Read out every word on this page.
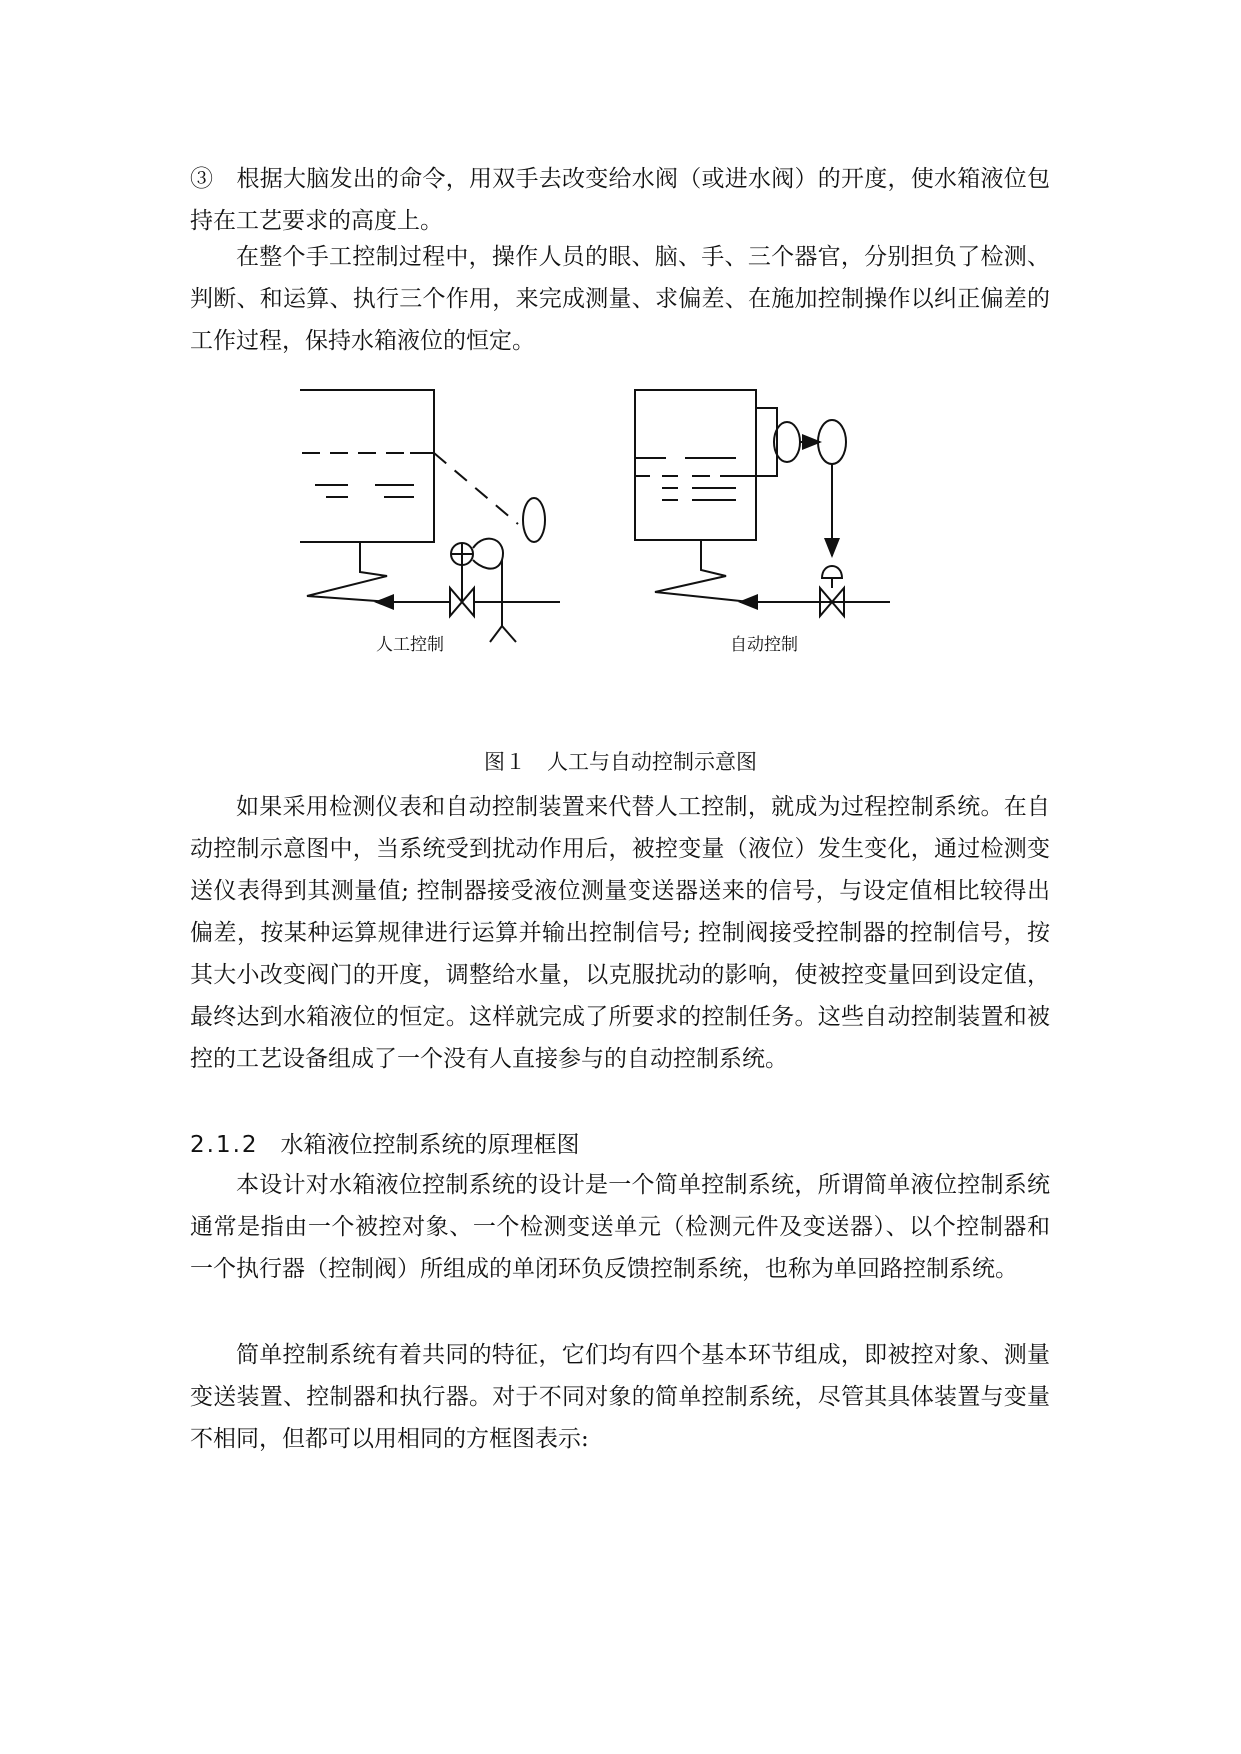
③　根据大脑发出的命令，用双手去改变给水阀（或进水阀）的开度，使水箱液位包持在工艺要求的高度上。

在整个手工控制过程中，操作人员的眼、脑、手、三个器官，分别担负了检测、判断、和运算、执行三个作用，来完成测量、求偏差、在施加控制操作以纠正偏差的工作过程，保持水箱液位的恒定。

人工控制	自动控制
图１　人工与自动控制示意图

如果采用检测仪表和自动控制装置来代替人工控制，就成为过程控制系统。在自动控制示意图中，当系统受到扰动作用后，被控变量（液位）发生变化，通过检测变送仪表得到其测量值; 控制器接受液位测量变送器送来的信号，与设定值相比较得出偏差，按某种运算规律进行运算并输出控制信号; 控制阀接受控制器的控制信号，按其大小改变阀门的开度，调整给水量，以克服扰动的影响，使被控变量回到设定值，最终达到水箱液位的恒定。这样就完成了所要求的控制任务。这些自动控制装置和被控的工艺设备组成了一个没有人直接参与的自动控制系统。

2.1.2 水箱液位控制系统的原理框图

本设计对水箱液位控制系统的设计是一个简单控制系统，所谓简单液位控制系统通常是指由一个被控对象、一个检测变送单元（检测元件及变送器）、以个控制器和一个执行器（控制阀）所组成的单闭环负反馈控制系统，也称为单回路控制系统。

简单控制系统有着共同的特征，它们均有四个基本环节组成，即被控对象、测量变送装置、控制器和执行器。对于不同对象的简单控制系统，尽管其具体装置与变量不相同，但都可以用相同的方框图表示:
